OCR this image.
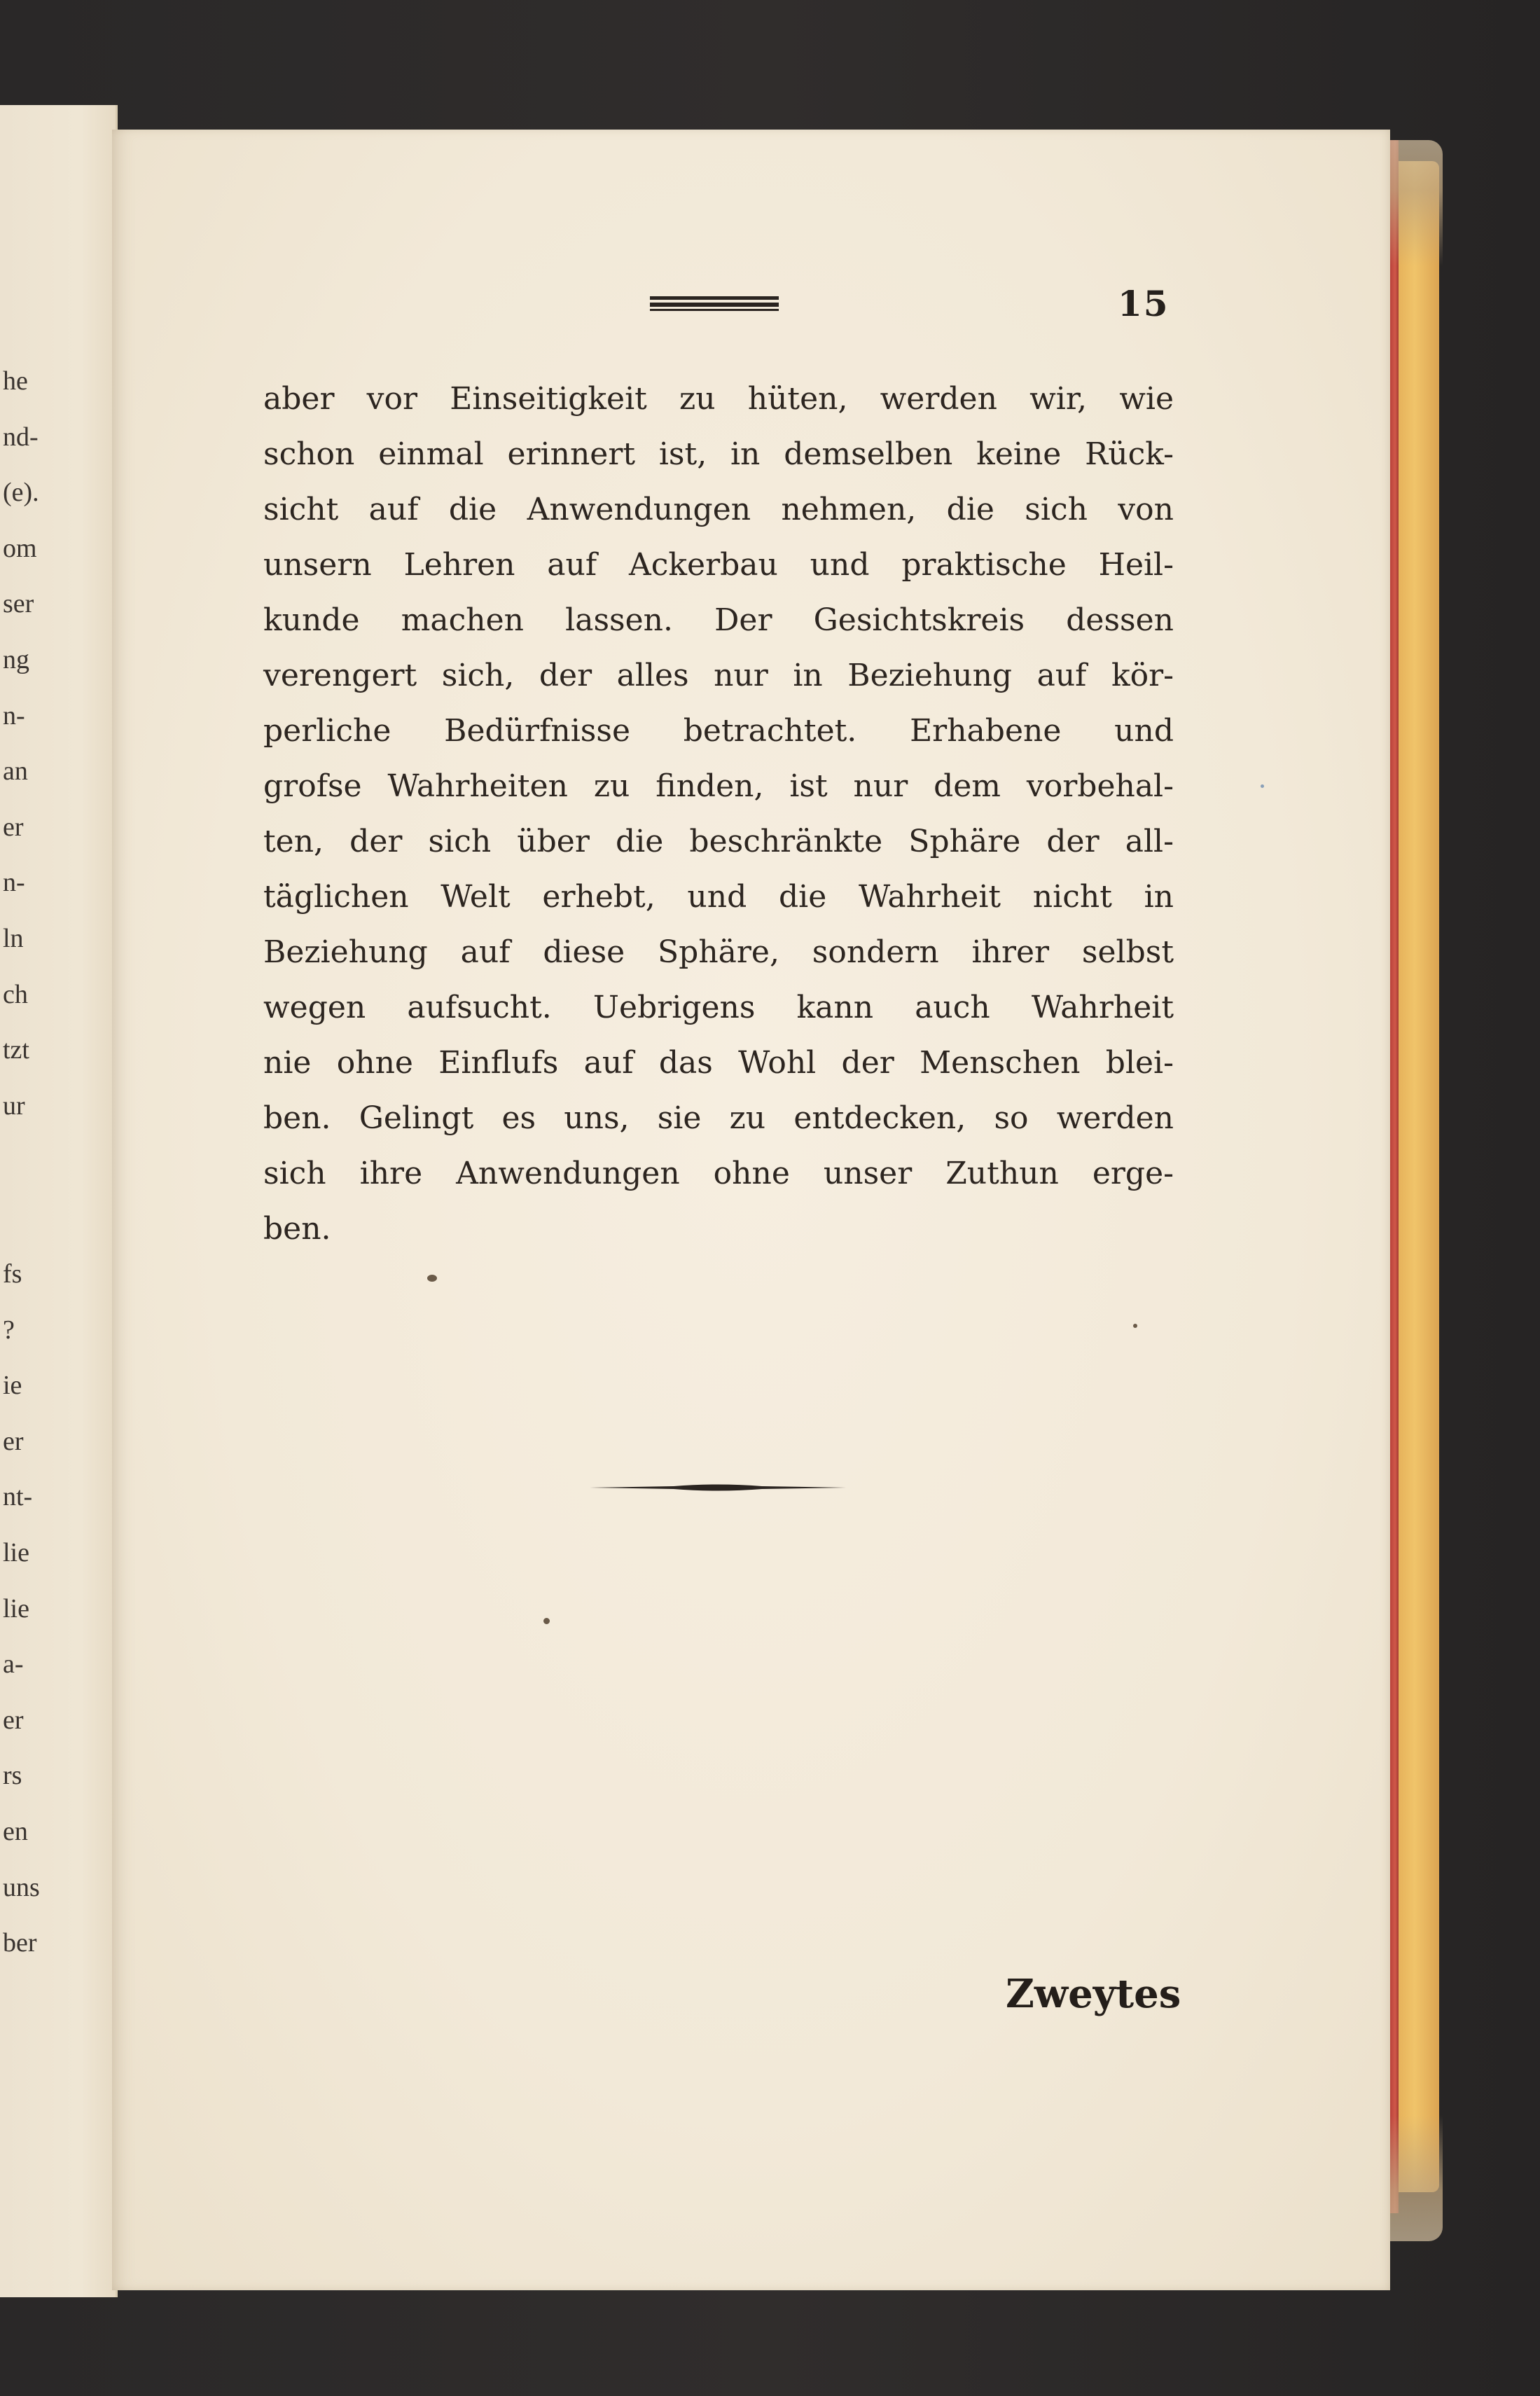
he
nd-
(e).
om
ser
ng
n-
an
er
n-
ln
ch
tzt
ur
fs
?
ie
er
nt-
lie
lie
a-
er
rs
en
uns
ber
15
aber vor Einseitigkeit zu hüten, werden wir, wie
schon einmal erinnert ist, in demselben keine Rück-
sicht auf die Anwendungen nehmen, die sich von
unsern Lehren auf Ackerbau und praktische Heil-
kunde machen lassen. Der Gesichtskreis dessen
verengert sich, der alles nur in Beziehung auf kör-
perliche Bedürfnisse betrachtet. Erhabene und
grofse Wahrheiten zu finden, ist nur dem vorbehal-
ten, der sich über die beschränkte Sphäre der all-
täglichen Welt erhebt, und die Wahrheit nicht in
Beziehung auf diese Sphäre, sondern ihrer selbst
wegen aufsucht. Uebrigens kann auch Wahrheit
nie ohne Einflufs auf das Wohl der Menschen blei-
ben. Gelingt es uns, sie zu entdecken, so werden
sich ihre Anwendungen ohne unser Zuthun erge-
ben.
Zweytes
